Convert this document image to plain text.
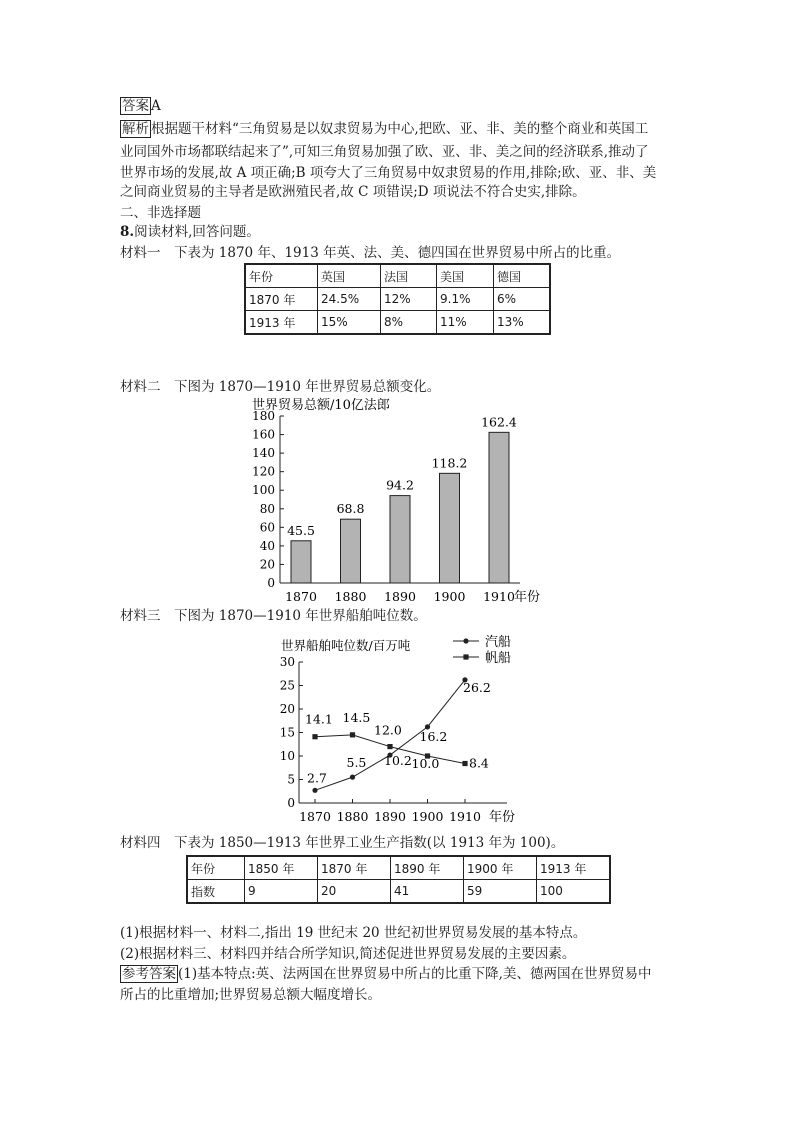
答案 A
解析 根据题干材料“三角贸易是以奴隶贸易为中心,把欧、亚、非、美的整个商业和英国工
业同国外市场都联结起来了”,可知三角贸易加强了欧、亚、非、美之间的经济联系,推动了
世界市场的发展,故 A 项正确;B 项夸大了三角贸易中奴隶贸易的作用,排除;欧、亚、非、美
之间商业贸易的主导者是欧洲殖民者,故 C 项错误;D 项说法不符合史实,排除。
二、非选择题
8.阅读材料,回答问题。
材料一　下表为 1870 年、1913 年英、法、美、德四国在世界贸易中所占的比重。
年份	英国	法国	美国	德国
1870 年	24.5%	12%	9.1%	6%
1913 年	15%	8%	11%	13%
材料二　下图为 1870—1910 年世界贸易总额变化。
世界贸易总额/10亿法郎
0
20
40
60
80
100
120
140
160
180
45.5
68.8
94.2
118.2
162.4
1870 1880 1890 1900 1910 年份
材料三　下图为 1870—1910 年世界船舶吨位数。
世界船舶吨位数/百万吨	汽船
帆船
0
5
10
15
20
25
30
2.7
5.5 10.2
16.2
26.2
14.1 14.5
12.0
10.0 8.4
1870 1880 1890 1900 1910 年份
材料四　下表为 1850—1913 年世界工业生产指数(以 1913 年为 100)。
年份	1850 年	1870 年	1890 年	1900 年	1913 年
指数	9	20	41	59	100
(1)根据材料一、材料二,指出 19 世纪末 20 世纪初世界贸易发展的基本特点。
(2)根据材料三、材料四并结合所学知识,简述促进世界贸易发展的主要因素。
参考答案 (1)基本特点:英、法两国在世界贸易中所占的比重下降,美、德两国在世界贸易中
所占的比重增加;世界贸易总额大幅度增长。
